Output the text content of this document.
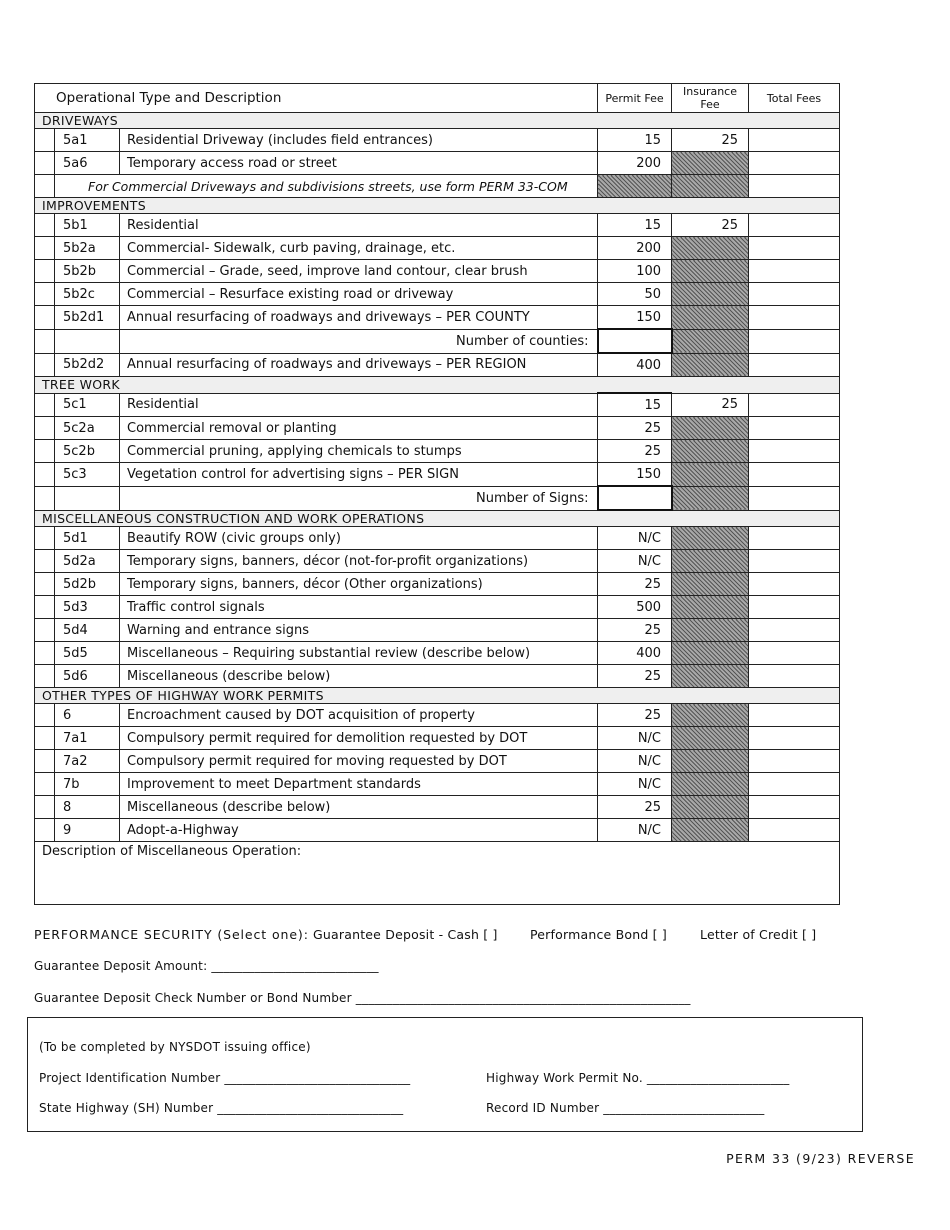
Operational Type and Description			Permit Fee	Insurance Fee	Total Fees
DRIVEWAYS					
	5a1	Residential Driveway (includes field entrances)	15	25	
	5a6	Temporary access road or street	200		
	For Commercial Driveways and subdivisions streets, use form PERM 33-COM				
IMPROVEMENTS					
	5b1	Residential	15	25	
	5b2a	Commercial- Sidewalk, curb paving, drainage, etc.	200		
	5b2b	Commercial – Grade, seed, improve land contour, clear brush	100		
	5b2c	Commercial – Resurface existing road or driveway	50		
	5b2d1	Annual resurfacing of roadways and driveways – PER COUNTY	150		
		Number of counties:			
	5b2d2	Annual resurfacing of roadways and driveways – PER REGION	400		
TREE WORK					
	5c1	Residential	15	25	
	5c2a	Commercial removal or planting	25		
	5c2b	Commercial pruning, applying chemicals to stumps	25		
	5c3	Vegetation control for advertising signs – PER SIGN	150		
		Number of Signs:			
MISCELLANEOUS CONSTRUCTION AND WORK OPERATIONS					
	5d1	Beautify ROW (civic groups only)	N/C		
	5d2a	Temporary signs, banners, décor (not-for-profit organizations)	N/C		
	5d2b	Temporary signs, banners, décor (Other organizations)	25		
	5d3	Traffic control signals	500		
	5d4	Warning and entrance signs	25		
	5d5	Miscellaneous – Requiring substantial review (describe below)	400		
	5d6	Miscellaneous (describe below)	25		
OTHER TYPES OF HIGHWAY WORK PERMITS					
	6	Encroachment caused by DOT acquisition of property	25		
	7a1	Compulsory permit required for demolition requested by DOT	N/C		
	7a2	Compulsory permit required for moving requested by DOT	N/C		
	7b	Improvement to meet Department standards	N/C		
	8	Miscellaneous (describe below)	25		
	9	Adopt-a-Highway	N/C		
Description of Miscellaneous Operation:					
PERFORMANCE SECURITY (Select one): Guarantee Deposit - Cash [ ]	Performance Bond [ ]	Letter of Credit [ ]
Guarantee Deposit Amount: ___________________________
Guarantee Deposit Check Number or Bond Number ______________________________________________________
(To be completed by NYSDOT issuing office)
Project Identification Number ______________________________	Highway Work Permit No. _______________________
State Highway (SH) Number ______________________________	Record ID Number __________________________
PERM 33 (9/23) REVERSE
